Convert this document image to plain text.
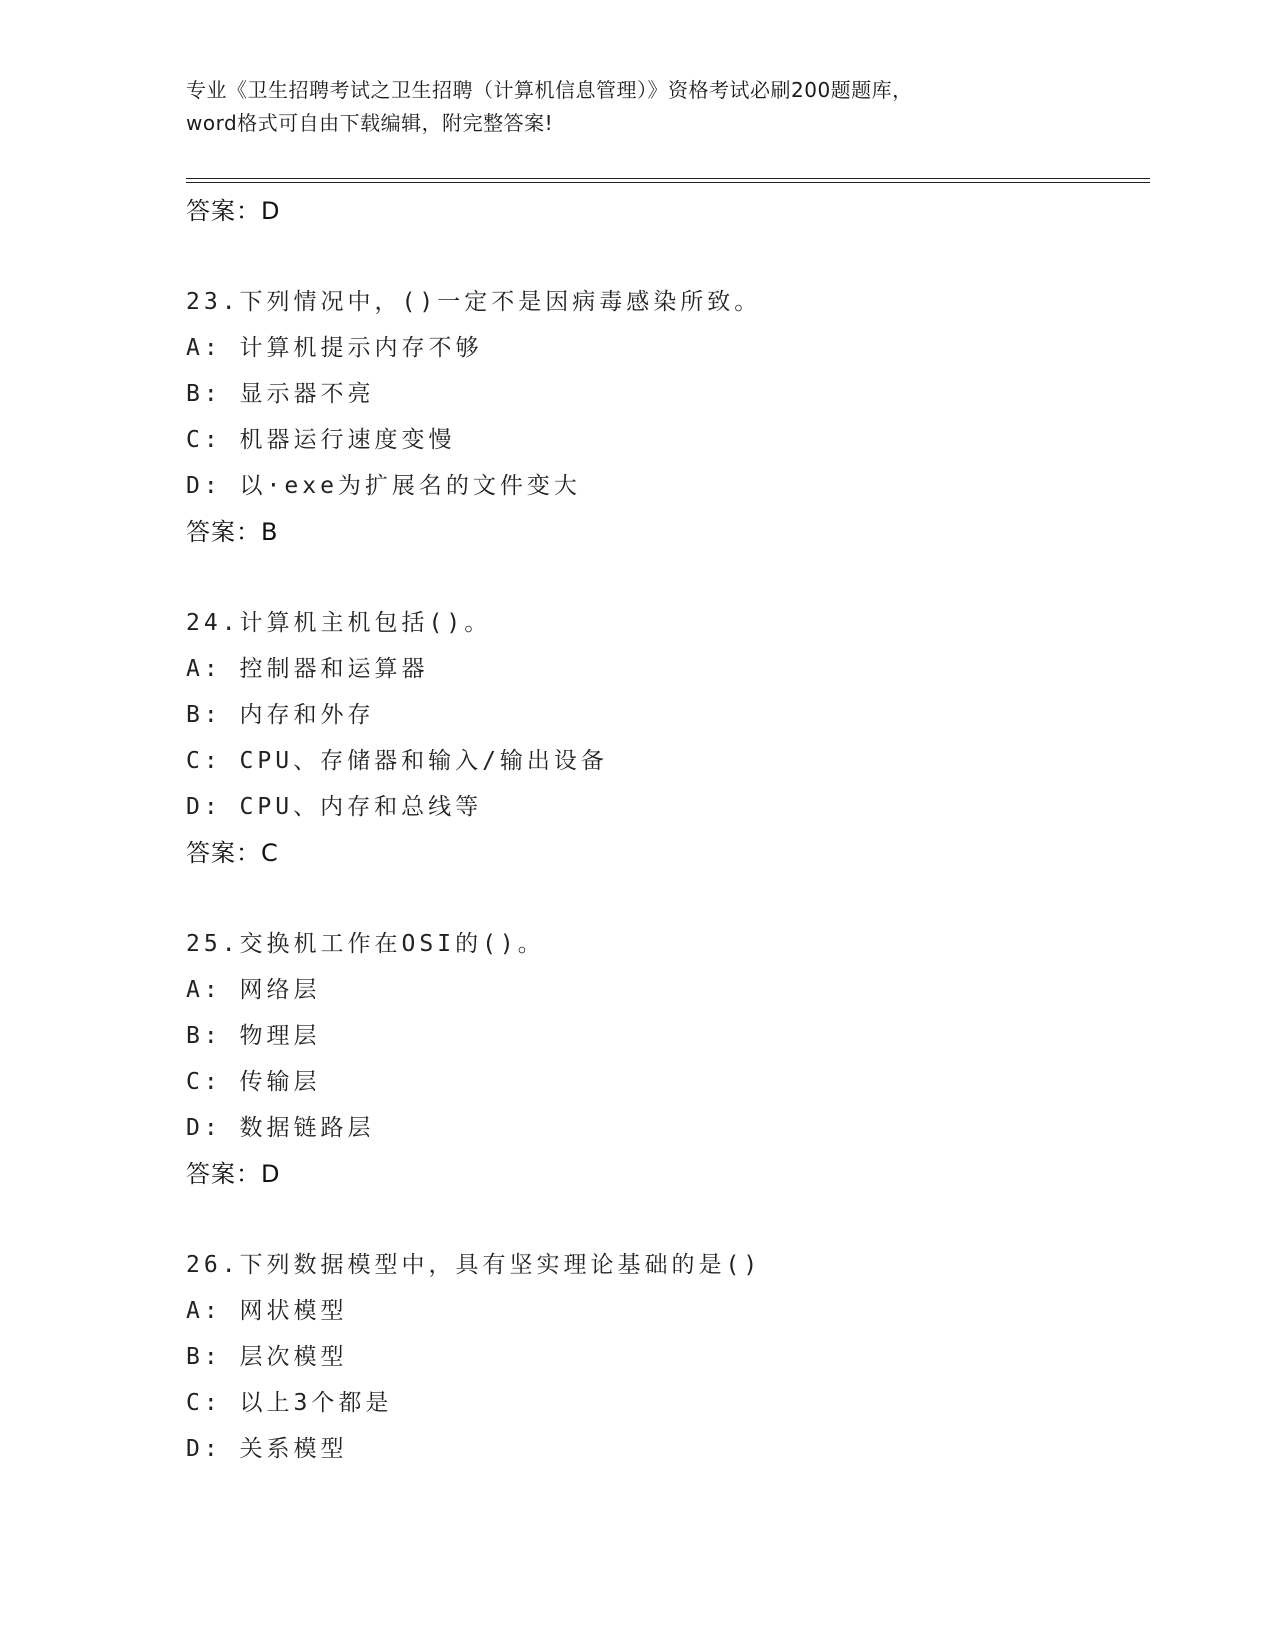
专业《卫生招聘考试之卫生招聘（计算机信息管理）》资格考试必刷200题题库，
word格式可自由下载编辑，附完整答案!
答案：D
23.下列情况中，()一定不是因病毒感染所致。
A: 计算机提示内存不够
B: 显示器不亮
C: 机器运行速度变慢
D: 以·exe为扩展名的文件变大
答案：B
24.计算机主机包括()。
A: 控制器和运算器
B: 内存和外存
C: CPU、存储器和输入/输出设备
D: CPU、内存和总线等
答案：C
25.交换机工作在OSI的()。
A: 网络层
B: 物理层
C: 传输层
D: 数据链路层
答案：D
26.下列数据模型中，具有坚实理论基础的是()
A: 网状模型
B: 层次模型
C: 以上3个都是
D: 关系模型
